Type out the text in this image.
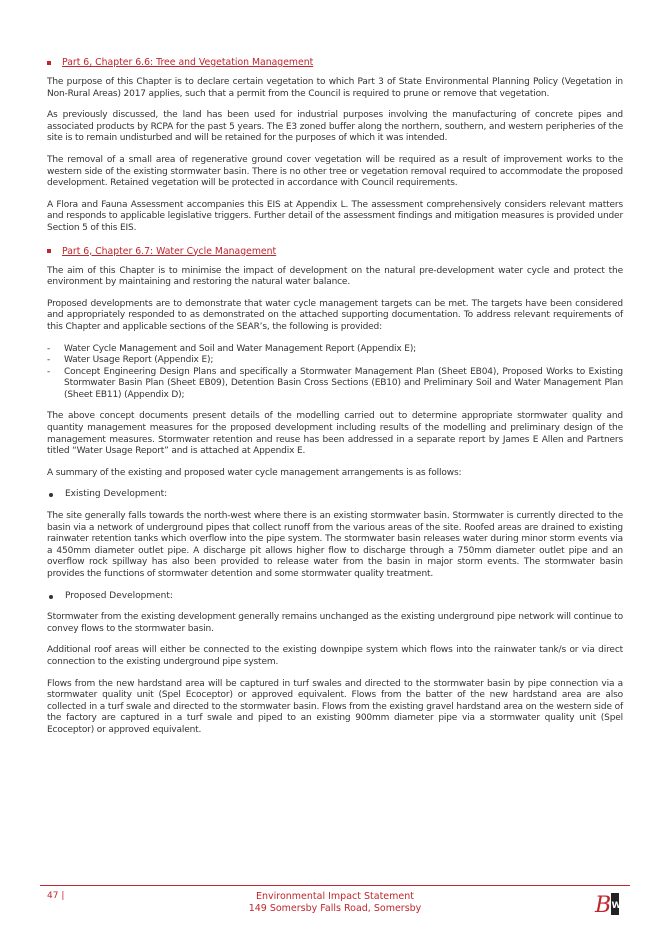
Part 6, Chapter 6.6: Tree and Vegetation Management

The purpose of this Chapter is to declare certain vegetation to which Part 3 of State Environmental Planning Policy (Vegetation in Non-Rural Areas) 2017 applies, such that a permit from the Council is required to prune or remove that vegetation.

As previously discussed, the land has been used for industrial purposes involving the manufacturing of concrete pipes and associated products by RCPA for the past 5 years. The E3 zoned buffer along the northern, southern, and western peripheries of the site is to remain undisturbed and will be retained for the purposes of which it was intended.

The removal of a small area of regenerative ground cover vegetation will be required as a result of improvement works to the western side of the existing stormwater basin. There is no other tree or vegetation removal required to accommodate the proposed development. Retained vegetation will be protected in accordance with Council requirements.

A Flora and Fauna Assessment accompanies this EIS at Appendix L. The assessment comprehensively considers relevant matters and responds to applicable legislative triggers. Further detail of the assessment findings and mitigation measures is provided under Section 5 of this EIS.

Part 6, Chapter 6.7: Water Cycle Management

The aim of this Chapter is to minimise the impact of development on the natural pre-development water cycle and protect the environment by maintaining and restoring the natural water balance.

Proposed developments are to demonstrate that water cycle management targets can be met. The targets have been considered and appropriately responded to as demonstrated on the attached supporting documentation. To address relevant requirements of this Chapter and applicable sections of the SEAR’s, the following is provided:

- Water Cycle Management and Soil and Water Management Report (Appendix E);
- Water Usage Report (Appendix E);
- Concept Engineering Design Plans and specifically a Stormwater Management Plan (Sheet EB04), Proposed Works to Existing Stormwater Basin Plan (Sheet EB09), Detention Basin Cross Sections (EB10) and Preliminary Soil and Water Management Plan (Sheet EB11) (Appendix D);

The above concept documents present details of the modelling carried out to determine appropriate stormwater quality and quantity management measures for the proposed development including results of the modelling and preliminary design of the management measures. Stormwater retention and reuse has been addressed in a separate report by James E Allen and Partners titled “Water Usage Report” and is attached at Appendix E.

A summary of the existing and proposed water cycle management arrangements is as follows:

Existing Development:

The site generally falls towards the north-west where there is an existing stormwater basin. Stormwater is currently directed to the basin via a network of underground pipes that collect runoff from the various areas of the site. Roofed areas are drained to existing rainwater retention tanks which overflow into the pipe system. The stormwater basin releases water during minor storm events via a 450mm diameter outlet pipe. A discharge pit allows higher flow to discharge through a 750mm diameter outlet pipe and an overflow rock spillway has also been provided to release water from the basin in major storm events. The stormwater basin provides the functions of stormwater detention and some stormwater quality treatment.

Proposed Development:

Stormwater from the existing development generally remains unchanged as the existing underground pipe network will continue to convey flows to the stormwater basin.

Additional roof areas will either be connected to the existing downpipe system which flows into the rainwater tank/s or via direct connection to the existing underground pipe system.

Flows from the new hardstand area will be captured in turf swales and directed to the stormwater basin by pipe connection via a stormwater quality unit (Spel Ecoceptor) or approved equivalent. Flows from the batter of the new hardstand area are also collected in a turf swale and directed to the stormwater basin. Flows from the existing gravel hardstand area on the western side of the factory are captured in a turf swale and piped to an existing 900mm diameter pipe via a stormwater quality unit (Spel Ecoceptor) or approved equivalent.

47 |	Environmental Impact Statement
149 Somersby Falls Road, Somersby	B W
